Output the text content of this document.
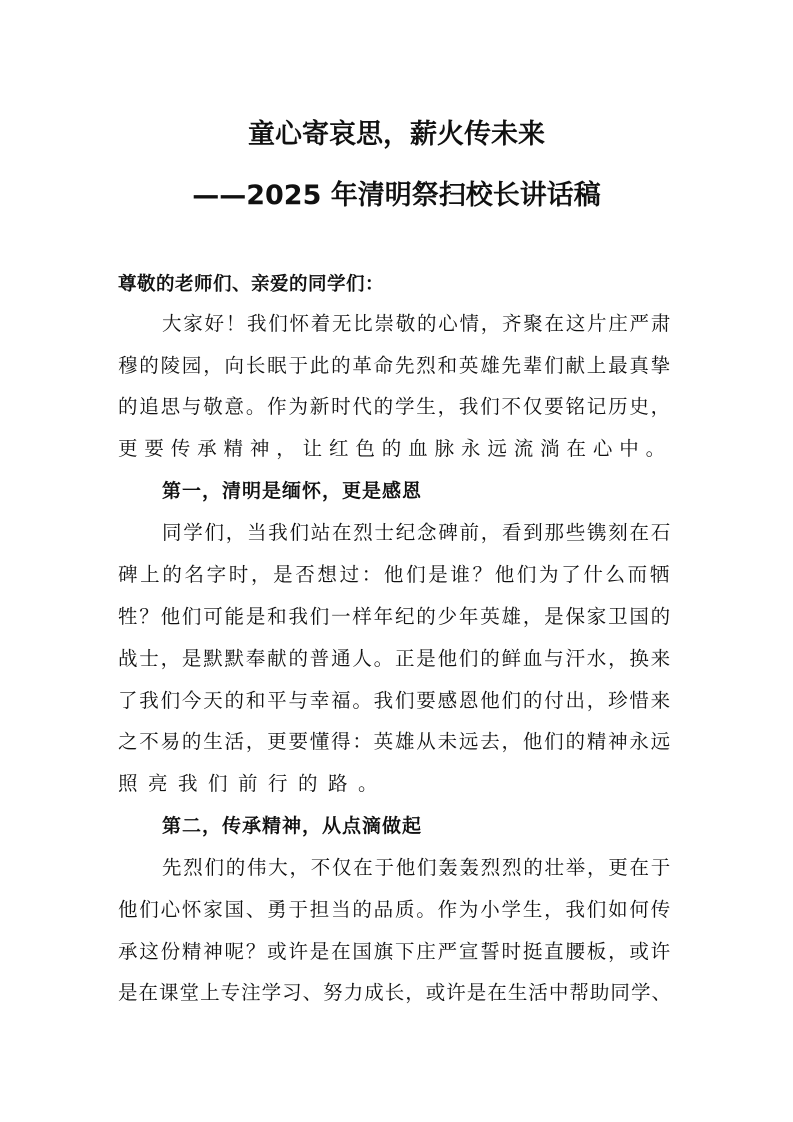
童心寄哀思，薪火传未来
——2025 年清明祭扫校长讲话稿
尊敬的老师们、亲爱的同学们：
大家好！我们怀着无比崇敬的心情，齐聚在这片庄严肃
穆的陵园，向长眠于此的革命先烈和英雄先辈们献上最真挚
的追思与敬意。作为新时代的学生，我们不仅要铭记历史，
更要传承精神，让红色的血脉永远流淌在心中。
第一，清明是缅怀，更是感恩
同学们，当我们站在烈士纪念碑前，看到那些镌刻在石
碑上的名字时，是否想过：他们是谁？他们为了什么而牺
牲？他们可能是和我们一样年纪的少年英雄，是保家卫国的
战士，是默默奉献的普通人。正是他们的鲜血与汗水，换来
了我们今天的和平与幸福。我们要感恩他们的付出，珍惜来
之不易的生活，更要懂得：英雄从未远去，他们的精神永远
照亮我们前行的路。
第二，传承精神，从点滴做起
先烈们的伟大，不仅在于他们轰轰烈烈的壮举，更在于
他们心怀家国、勇于担当的品质。作为小学生，我们如何传
承这份精神呢？或许是在国旗下庄严宣誓时挺直腰板，或许
是在课堂上专注学习、努力成长，或许是在生活中帮助同学、
